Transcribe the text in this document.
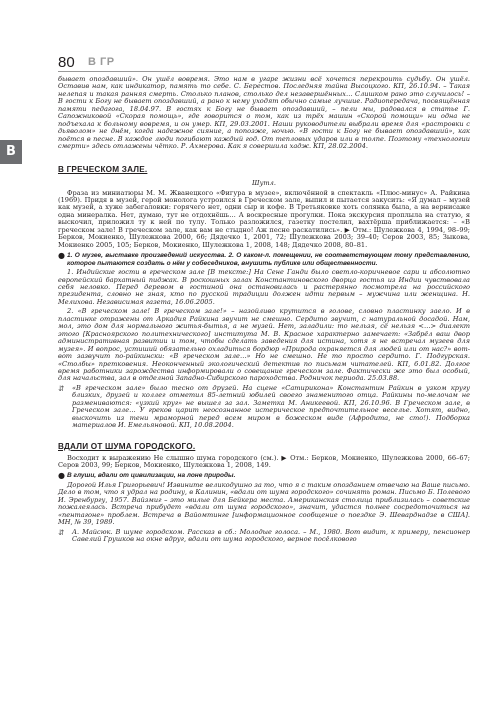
В
80 В ГР

бывает опоздавший». Он ушёл вовремя. Это нам в угаре жизни всё хочется перекроить судьбу. Он ушёл. Оставив нам, как индикатор, память то себе. С. Берестов. Последняя тайна Высоцкого. КП, 26.10.94. – Такая нелепая и такая ранняя смерть. Столько планов, столько дел незавершённых… Слишком рано это случилось! – В гости к Богу не бывает опоздавший, а рано к нему уходят обычно самые лучшие. Радиопередача, посвящённая памяти педагога, 18.04.97. В гостях к Богу не бывает опоздавший, – пели мы, радовался в статье Г. Сапожниковой «Скорая помощь», где говорится о том, как из трёх машин «Скорой помощи» ни одна не подъехала к больному вовремя, и он умер. КП, 29.03.2001. Наши руководители выбрали время для «растровки с дьяволом» не днём, когда надежное сияние, а попозже, ночью. «В гости к Богу не бывает опоздавший», как поётся в песне. В каждое люди погибают каждый год. От тепловых ударов или в толпе. Поэтому «технологии смерти» здесь отлажены чётко. Р. Ахмерова. Как я совершила хадж. КП, 28.02.2004.

В ГРЕЧЕСКОМ ЗАЛЕ.
Шутл.

Фраза из миниатюры М. М. Жванецкого «Фигура в музее», включённой в спектакль «Плюс-минус» А. Райкина (1969). Придя в музей, герой монолога устроился в Греческом зале, выпил и пытается закусить: «Я думал – музей как музей, а хуже забегаловки: горячего нет, одни сыр и кофе. В Третьяковке хоть солянка была, а на вернисаже одна минералка. Нет, думаю, тут не отдохнёшь… А воскресные прогулки. Пока экскурсия проплыла на статую, я выскочил, приложил ту к ней по тулу. Только разложился, газетку постелил, вахтёрша приближается: – «В греческом зале! В греческом зале, как вам не стыдно! Аж песне раскатились». ▶ Отм.: Шулежкова 4, 1994, 98–99; Берков, Мокиенко, Шулежкова 2000, 66; Дядечко 1, 2001, 72; Шулежкова 2003; 39–40; Серов 2003, 85; Зыкова, Мокиенко 2005, 105; Берков, Мокиенко, Шулежкова 1, 2008, 148; Дядечко 2008, 80–81.

● 1. О музее, выставке произведений искусства. 2. О каком-л. помещении, не соответствующем тому представлению, которое пытаются создать о нём у собеседников, внушить публике или общественности.

1. Индийские гости в греческом зале [В тексте:] На Сене Ганди было светло-коричневое сари и абсолютно европейский бархатный пиджак. В роскошных залах Константиновского дворца гостья из Индии чувствовала себя неловко. Перед деревом в гостиной она остановилась и растерянно посмотрела на российского президента, словно не зная, кто по русской традиции должен идти первым – мужчина или женщина. Н. Мелихова. Независимая газета, 16.06.2005.

2. «В греческом зале! В греческом зале!» – назойливо крутится в голове, словно пластинку заело. И в пластинке отражены от Аркадия Райкина звучит не смешно. Сердито звучит, с натуральной досадой. Нам, мол, это дом для нормального житья-бытья, а не музей. Нет, заладили: то нельзя, сё нельзя <…> диалект этого [Красноярского политехнического] института М. В. Красное характерно замечает: «Забрёл ваш двор административная развитии и том, чтобы сделать заведения для истина, хотя я не встречал музеев для музея». И вопрос, устиший обязательно охладиться бордюр «Природа охраняется для людей или от нас?» вот-вот зазвучит по-райкински: «В греческом зале…» Но не смешно. Не то просто сердито. Г. Подгурская. «Столбы» претковения. Неоконченный экологический детектив по письмам читателей. КП, 6.01.82. Долгое время работники зарождества информировали о совещание греческом зале. Фактически же это был особый, для начальства, зал в отделной Западно-Сибирского пароходства. Родничок периода. 25.03.88.

⇵	«В греческом зале» было тесно от друзей. На сцене «Сатирикона» Константин Райкин в узком кругу близких, друзей и коллег отметил 85-летний юбилей своего знаменитого отца. Райкины по-мелочам не размениваются: «узкий круг» не вышел за зал. Заметка М. Аникеевой. КП, 26.10.96. В Греческом зале, в Греческом зале… У греков царит неосознанное истерическое предпочтительное веселье. Хотят, видно, выскочить из тени мраморной перед всем миром в божеском виде (Афродита, не сто!). Подборка материалов И. Емельяновой. КП, 10.08.2004.

ВДАЛИ ОТ ШУМА ГОРОДСКОГО.

Восходит к выражению Не слышно шума городского (см.). ▶ Отм.: Берков, Мокиенко, Шулежкова 2000, 66–67; Серов 2003, 99; Берков, Мокиенко, Шулежкова 1, 2008, 149.

● В глуши, вдали от цивилизации, на лоне природы.

Дорогой Илья Григорьевич! Извините великодушно за то, что я с таким опозданием отвечаю на Ваше письмо. Дело в том, что я удрал на родину, в Калинин, «вдали от шума городского» сочинять роман. Письмо Б. Полевого И. Эренбургу, 1957. Вайзмиг – это милые для Бейкера места. Американская столица приблизилась – советские пожалеялась. Встреча прибудет «вдали от шума городского», значит, удастся полнее сосредоточиться на «пентагоне» проблем. Встреча в Вайомтинге [информационное сообщение о поездке Э. Шеварднадзе в США]. МН, № 39, 1989.

⇵	А. Майсюк. В шуме городском. Рассказ в сб.: Молодые голоса. – М., 1980. Вот видит, к примеру, пенсионер Савелий Грушков на окне вдруг, вдали от шума городского, верное посёлкового
